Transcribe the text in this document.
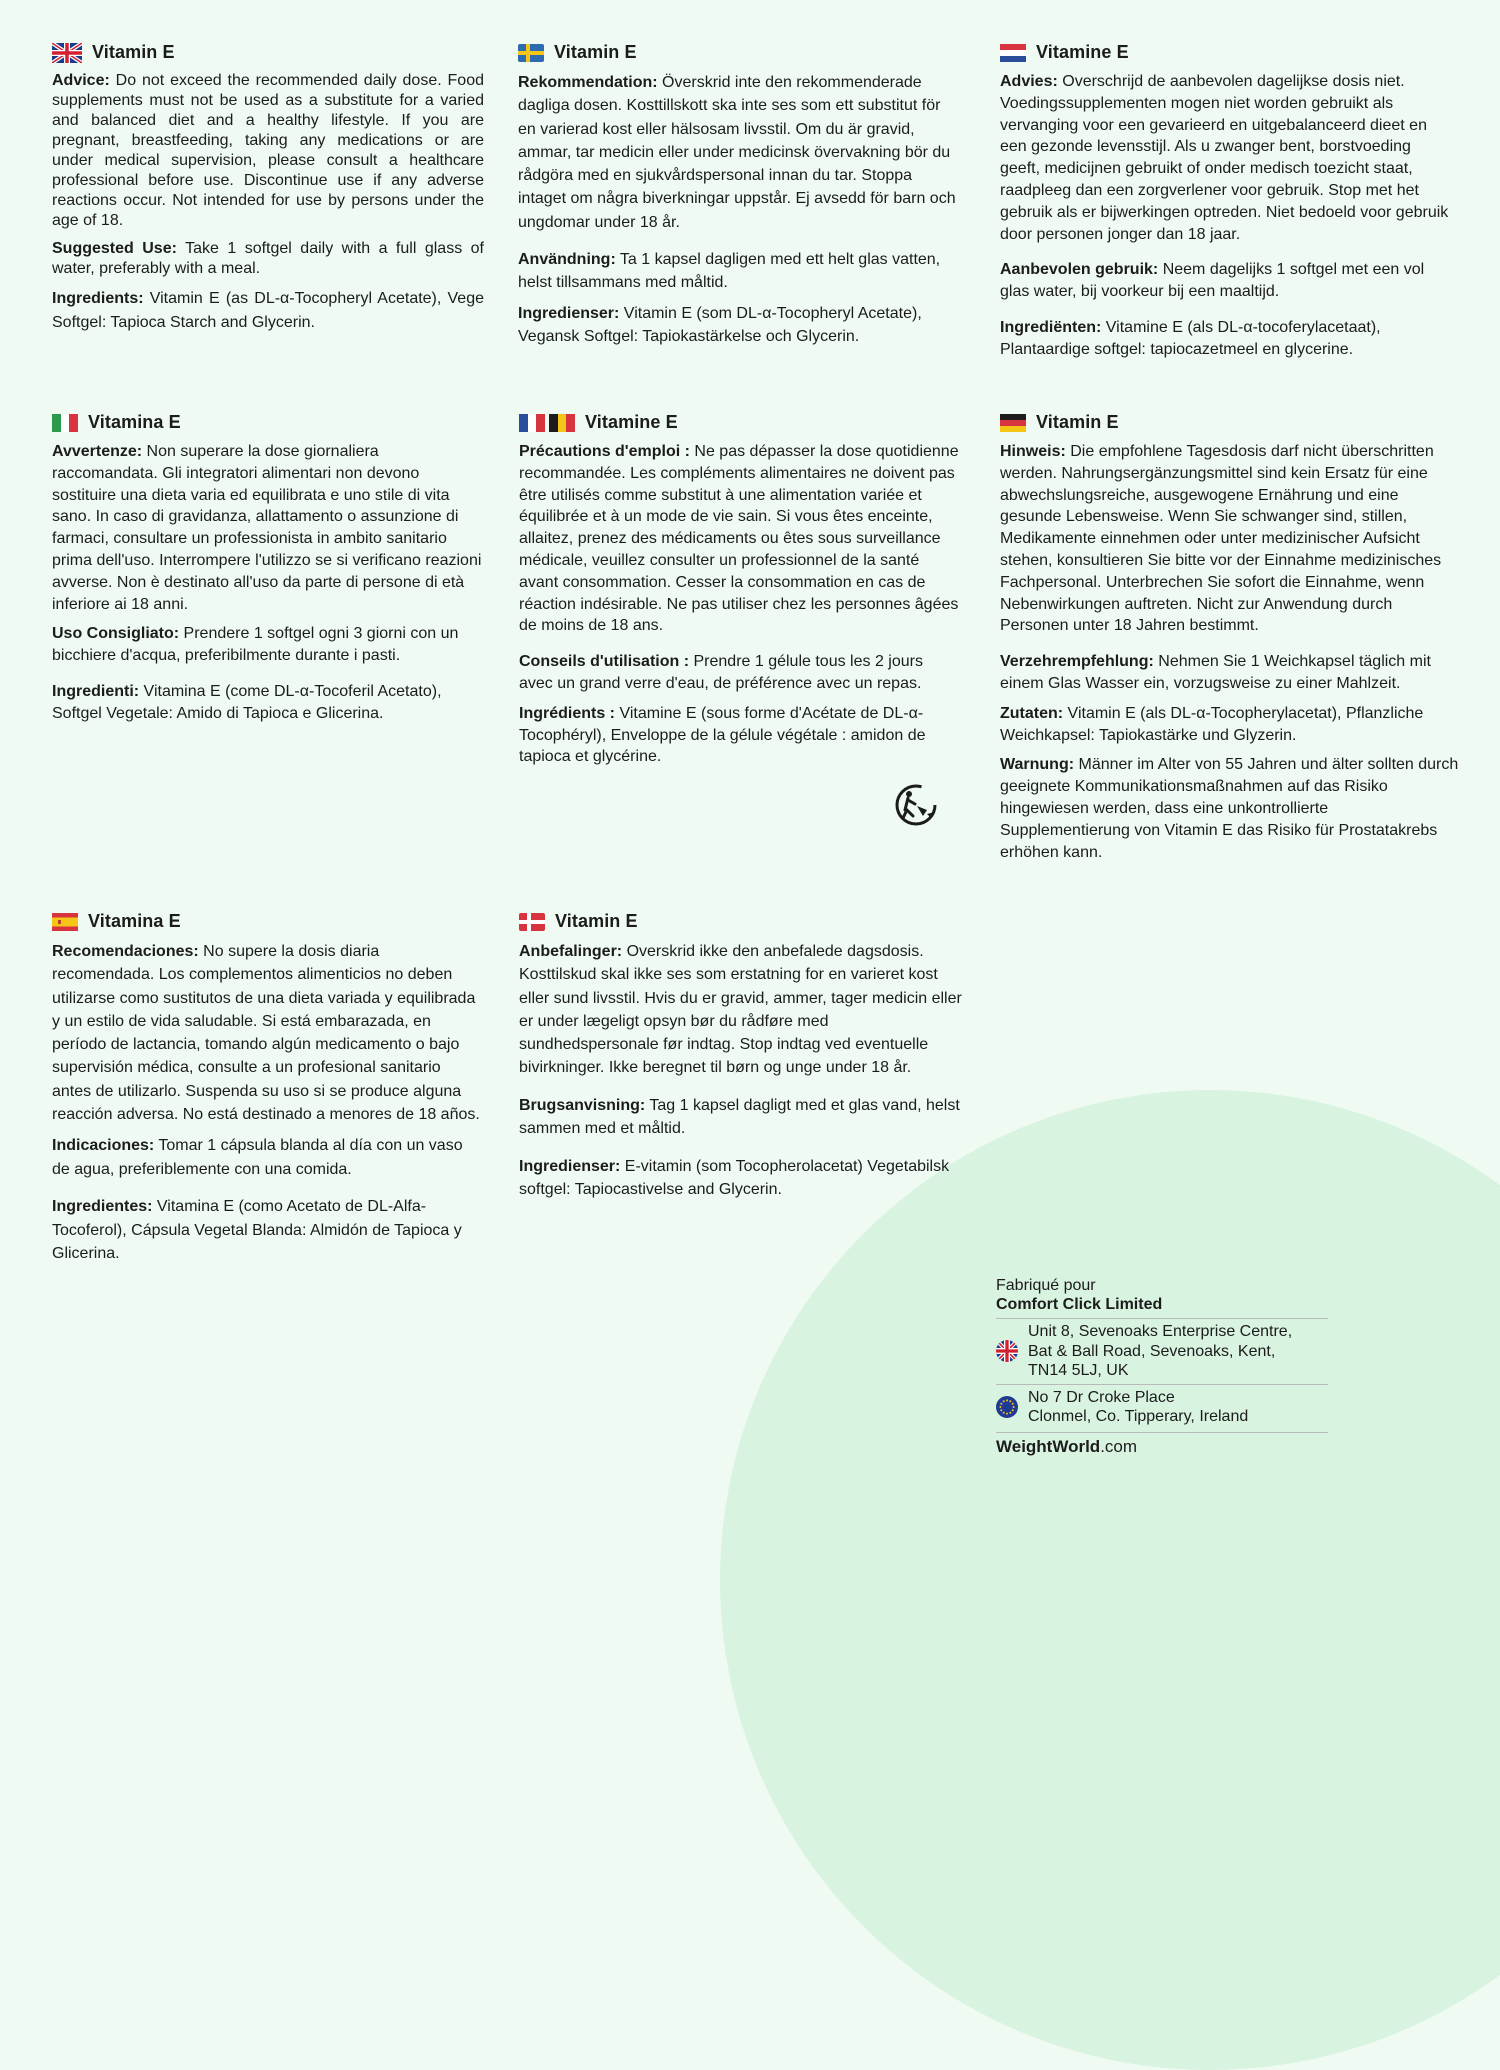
Vitamin E

Advice: Do not exceed the recommended daily dose. Food supplements must not be used as a substitute for a varied and balanced diet and a healthy lifestyle. If you are pregnant, breastfeeding, taking any medications or are under medical supervision, please consult a healthcare professional before use. Discontinue use if any adverse reactions occur. Not intended for use by persons under the age of 18.

Suggested Use: Take 1 softgel daily with a full glass of water, preferably with a meal.

Ingredients: Vitamin E (as DL-α-Tocopheryl Acetate), Vege Softgel: Tapioca Starch and Glycerin.

Vitamin E

Rekommendation: Överskrid inte den rekommenderade dagliga dosen. Kosttillskott ska inte ses som ett substitut för en varierad kost eller hälsosam livsstil. Om du är gravid, ammar, tar medicin eller under medicinsk övervakning bör du rådgöra med en sjukvårdspersonal innan du tar. Stoppa intaget om några biverkningar uppstår. Ej avsedd för barn och ungdomar under 18 år.

Användning: Ta 1 kapsel dagligen med ett helt glas vatten, helst tillsammans med måltid.

Ingredienser: Vitamin E (som DL-α-Tocopheryl Acetate), Vegansk Softgel: Tapiokastärkelse och Glycerin.

Vitamine E

Advies: Overschrijd de aanbevolen dagelijkse dosis niet. Voedingssupplementen mogen niet worden gebruikt als vervanging voor een gevarieerd en uitgebalanceerd dieet en een gezonde levensstijl. Als u zwanger bent, borstvoeding geeft, medicijnen gebruikt of onder medisch toezicht staat, raadpleeg dan een zorgverlener voor gebruik. Stop met het gebruik als er bijwerkingen optreden. Niet bedoeld voor gebruik door personen jonger dan 18 jaar.

Aanbevolen gebruik: Neem dagelijks 1 softgel met een vol glas water, bij voorkeur bij een maaltijd.

Ingrediënten: Vitamine E (als DL-α-tocoferylacetaat), Plantaardige softgel: tapiocazetmeel en glycerine.

Vitamina E

Avvertenze: Non superare la dose giornaliera raccomandata. Gli integratori alimentari non devono sostituire una dieta varia ed equilibrata e uno stile di vita sano. In caso di gravidanza, allattamento o assunzione di farmaci, consultare un professionista in ambito sanitario prima dell'uso. Interrompere l'utilizzo se si verificano reazioni avverse. Non è destinato all'uso da parte di persone di età inferiore ai 18 anni.

Uso Consigliato: Prendere 1 softgel ogni 3 giorni con un bicchiere d'acqua, preferibilmente durante i pasti.

Ingredienti: Vitamina E (come DL-α-Tocoferil Acetato), Softgel Vegetale: Amido di Tapioca e Glicerina.

Vitamine E

Précautions d'emploi : Ne pas dépasser la dose quotidienne recommandée. Les compléments alimentaires ne doivent pas être utilisés comme substitut à une alimentation variée et équilibrée et à un mode de vie sain. Si vous êtes enceinte, allaitez, prenez des médicaments ou êtes sous surveillance médicale, veuillez consulter un professionnel de la santé avant consommation. Cesser la consommation en cas de réaction indésirable. Ne pas utiliser chez les personnes âgées de moins de 18 ans.

Conseils d'utilisation : Prendre 1 gélule tous les 2 jours avec un grand verre d'eau, de préférence avec un repas.

Ingrédients : Vitamine E (sous forme d'Acétate de DL-α-Tocophéryl), Enveloppe de la gélule végétale : amidon de tapioca et glycérine.

Vitamin E

Hinweis: Die empfohlene Tagesdosis darf nicht überschritten werden. Nahrungsergänzungsmittel sind kein Ersatz für eine abwechslungsreiche, ausgewogene Ernährung und eine gesunde Lebensweise. Wenn Sie schwanger sind, stillen, Medikamente einnehmen oder unter medizinischer Aufsicht stehen, konsultieren Sie bitte vor der Einnahme medizinisches Fachpersonal. Unterbrechen Sie sofort die Einnahme, wenn Nebenwirkungen auftreten. Nicht zur Anwendung durch Personen unter 18 Jahren bestimmt.

Verzehrempfehlung: Nehmen Sie 1 Weichkapsel täglich mit einem Glas Wasser ein, vorzugsweise zu einer Mahlzeit.

Zutaten: Vitamin E (als DL-α-Tocopherylacetat), Pflanzliche Weichkapsel: Tapiokastärke und Glyzerin.

Warnung: Männer im Alter von 55 Jahren und älter sollten durch geeignete Kommunikationsmaßnahmen auf das Risiko hingewiesen werden, dass eine unkontrollierte Supplementierung von Vitamin E das Risiko für Prostatakrebs erhöhen kann.

Vitamina E

Recomendaciones: No supere la dosis diaria recomendada. Los complementos alimenticios no deben utilizarse como sustitutos de una dieta variada y equilibrada y un estilo de vida saludable. Si está embarazada, en período de lactancia, tomando algún medicamento o bajo supervisión médica, consulte a un profesional sanitario antes de utilizarlo. Suspenda su uso si se produce alguna reacción adversa. No está destinado a menores de 18 años.

Indicaciones: Tomar 1 cápsula blanda al día con un vaso de agua, preferiblemente con una comida.

Ingredientes: Vitamina E (como Acetato de DL-Alfa-Tocoferol), Cápsula Vegetal Blanda: Almidón de Tapioca y Glicerina.

Vitamin E

Anbefalinger: Overskrid ikke den anbefalede dagsdosis. Kosttilskud skal ikke ses som erstatning for en varieret kost eller sund livsstil. Hvis du er gravid, ammer, tager medicin eller er under lægeligt opsyn bør du rådføre med sundhedspersonale før indtag. Stop indtag ved eventuelle bivirkninger. Ikke beregnet til børn og unge under 18 år.

Brugsanvisning: Tag 1 kapsel dagligt med et glas vand, helst sammen med et måltid.

Ingredienser: E-vitamin (som Tocopherolacetat) Vegetabilsk softgel: Tapiocastivelse and Glycerin.

Fabriqué pour
Comfort Click Limited
Unit 8, Sevenoaks Enterprise Centre,
Bat & Ball Road, Sevenoaks, Kent,
TN14 5LJ, UK
No 7 Dr Croke Place
Clonmel, Co. Tipperary, Ireland
WeightWorld.com
